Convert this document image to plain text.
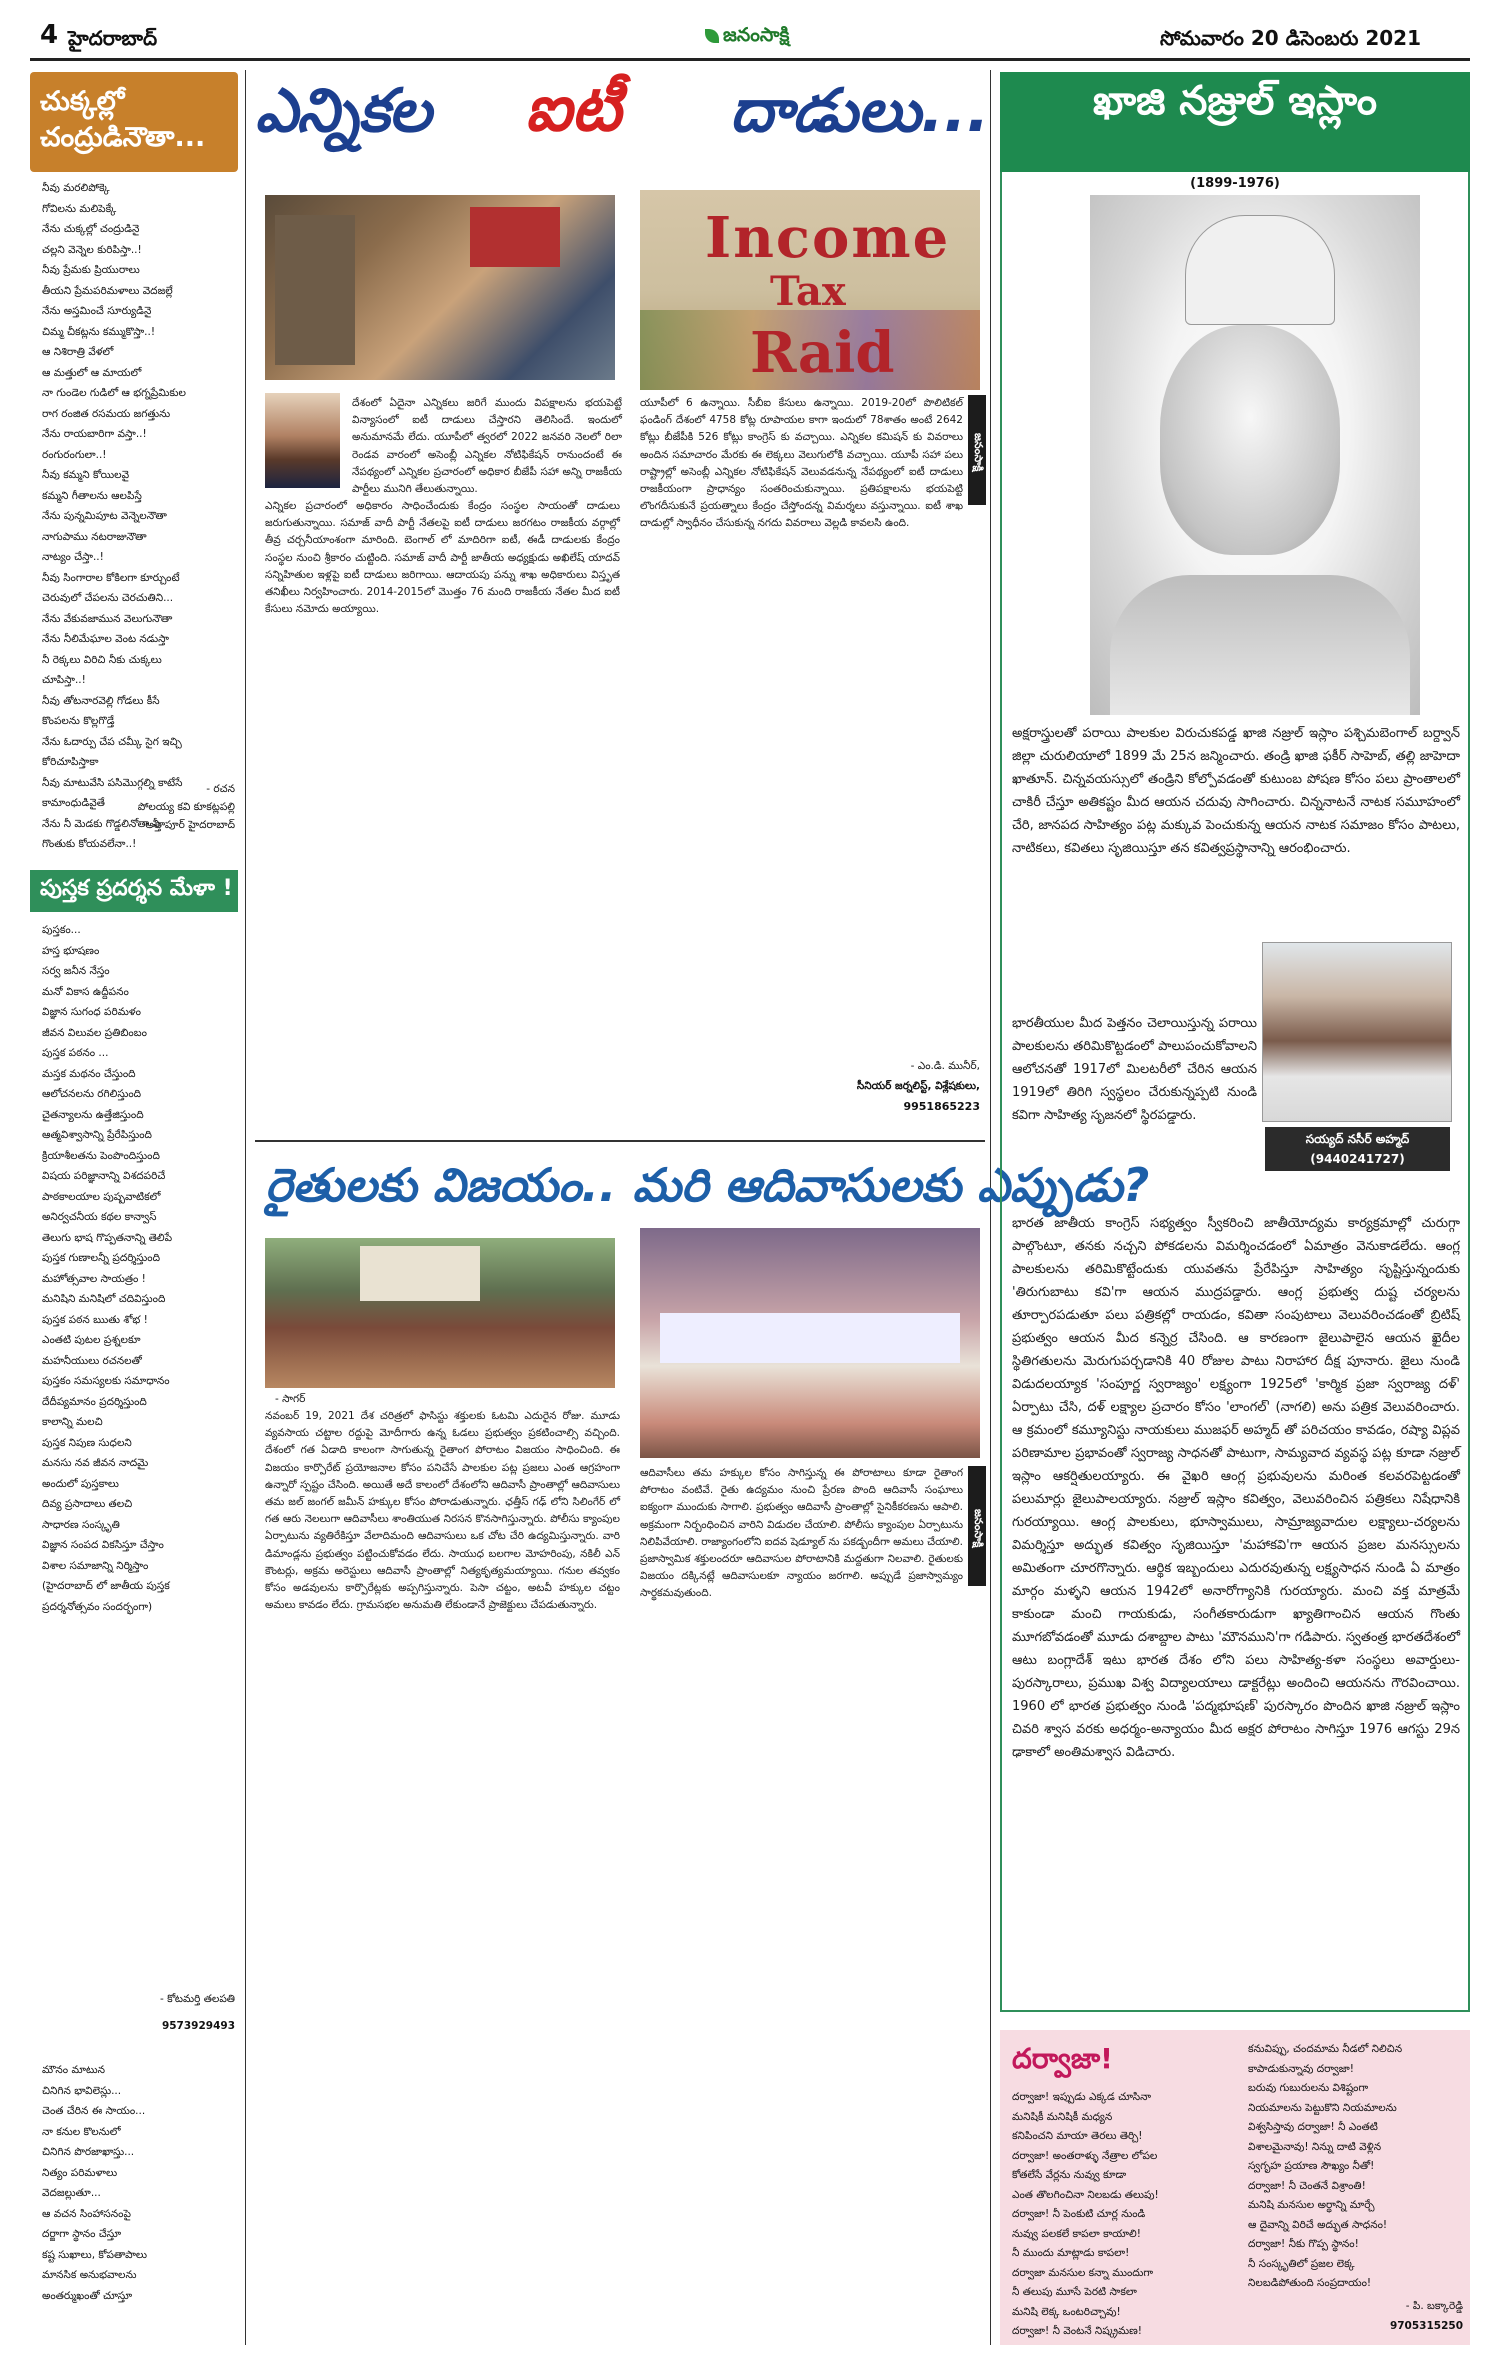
4 హైదరాబాద్	జనంసాక్షి	సోమవారం 20 డిసెంబరు 2021
చుక్కల్లో చంద్రుడినౌతా...
నీవు మరలిపోక్కె
గోవిలను మలిపెక్కే
నేను చుక్కల్లో చంద్రుడినై
చల్లని వెన్నెల కురిపిస్తా..!
నీవు ప్రేమకు ప్రియురాలు
తీయని ప్రేమపరిమళాలు వెదజల్లే
నేను అస్తమించే సూర్యుడినై
చిమ్మ చీకట్లను కమ్ముకొస్తా..!
ఆ నిశిరాత్రి వేళలో
ఆ మత్తులో ఆ మాయలో
నా గుండెల గుడిలో ఆ భగ్నప్రేమికుల
రాగ రంజిత రసమయ జగత్తును
నేను రాయబారిగా వస్తా..!
రంగురంగులా..!
నీవు కమ్మని కోయిలవై
కమ్మని గీతాలను ఆలపిస్తే
నేను పున్నమిపూట వెన్నెలనౌతా
నాగుపాము నటరాజునౌతా
నాట్యం చేస్తా..!
నీవు సింగారాల కోకిలగా కూర్చుంటే
చెరువులో చేపలను చెరచుతిని...
నేను వేకువజామున వెలుగునౌతా
నేను నీలిమేఘాల వెంట నడుస్తా
నీ రెక్కలు విరిచి నీకు చుక్కలు
చూపిస్తా..!
నీవు తోటనారవెల్లి గోడలు కీసే
కొంపలను కొల్లగొడ్తే
నేను ఓదార్పు చేప చమ్కీ సైగ ఇచ్చి
కోరిచూపిస్తాకా
నీవు మాటువేసి పసిమొగ్గల్ని కాటేసే
కామాంధుడివైతే
నేను నీ మెడకు గొడ్డలినోతా నీ
గొంతుకు కోయవలేనా..!
- రచన
పోలయ్య కవి కూకట్లపల్లి
అత్తాపూర్ హైదరాబాద్
పుస్తక ప్రదర్శన మేళా !
పుస్తకం...
హస్త భూషణం
సర్వ జనీన నేస్తం
మనో వికాస ఉద్దీపనం
విజ్ఞాన సుగంధ పరిమళం
జీవన విలువల ప్రతిబింబం
పుస్తక పఠనం ...
మస్తక మథనం చేస్తుంది
ఆలోచనలను రగిలిస్తుంది
చైతన్యాలను ఉత్తేజిస్తుంది
ఆత్మవిశ్వాసాన్ని ప్రేరేపిస్తుంది
క్రియాశీలతను పెంపొందిస్తుంది
విషయ పరిజ్ఞానాన్ని విశదపరిచే
పాఠకాలయాల పుష్పవాటికలో
అనిర్వచనీయ కథల కాన్వాస్
తెలుగు భాష గొప్పతనాన్ని తెలిపే
పుస్తక గుణాలన్నీ ప్రదర్శిస్తుంది
మహోత్సవాల సాయత్రం !
మనిషిని మనిషిలో చదివిస్తుంది
పుస్తక పఠన ఋతు శోభ !
ఎంతటి పుటల ప్రశ్నలకూ
మహనీయులు రచనలతో
పుస్తకం సమస్యలకు సమాధానం
దేదీప్యమానం ప్రదర్శిస్తుంది
కాలాన్ని మలచి
పుస్తక నిపుణ సుధలని
మనసు నవ జీవన నాదమై
అందులో పుస్తకాలు
దివ్య ప్రసాదాలు తలచి
సాధారణ సంస్కృతి
విజ్ఞాన సంపద వికసిస్తూ చేస్తాం
విశాల సమాజాన్ని నిర్మిస్తాం
(హైదరాబాద్ లో జాతీయ పుస్తక
ప్రదర్శనోత్సవం సందర్భంగా)
- కోటమర్తి తలపతి
9573929493
మౌనం మాటున
చినిగిన భావిలెస్లు...
చెంత చేరిన ఈ సాయం...
నా కనుల కొలనులో
చినిగిన పొరజాఖాస్తు...
నిత్యం పరిమళాలు
వెదజల్లుతూ...
ఆ వచన సింహాసనంపై
దర్జాగా స్థానం చేస్తూ
కష్ట సుఖాలు, కోపతాపాలు
మానసిక అనుభవాలను
అంతర్ముఖంతో చూస్తూ
ఎన్నికల ఐటీ దాడులు...
Income
Tax
Raid
దేశంలో ఏదైనా ఎన్నికలు జరిగే ముందు విపక్షాలను భయపెట్టే విన్యాసంలో ఐటీ దాడులు చేస్తారని తెలిసిందే. ఇందులో అనుమానమే లేదు. యూపీలో త్వరలో 2022 జనవరి నెలలో రిలా రెండవ వారంలో అసెంబ్లీ ఎన్నికల నోటిఫికేషన్ రానుందంటే ఈ నేపథ్యంలో ఎన్నికల ప్రచారంలో అధికార బీజేపీ సహా అన్ని రాజకీయ పార్టీలు మునిగి తేలుతున్నాయి.
ఎన్నికల ప్రచారంలో అధికారం సాధించేందుకు కేంద్రం సంస్థల సాయంతో దాడులు జరుగుతున్నాయి. సమాజ్ వాదీ పార్టీ నేతలపై ఐటీ దాడులు జరగటం రాజకీయ వర్గాల్లో తీవ్ర చర్చనీయాంశంగా మారింది. బెంగాల్ లో మాదిరిగా ఐటీ, ఈడీ దాడులకు కేంద్రం సంస్థల నుంచి శ్రీకారం చుట్టింది. సమాజ్ వాదీ పార్టీ జాతీయ అధ్యక్షుడు అఖిలేష్ యాదవ్ సన్నిహితుల ఇళ్లపై ఐటీ దాడులు జరిగాయి. ఆదాయపు పన్ను శాఖ అధికారులు విస్తృత తనిఖీలు నిర్వహించారు. 2014-2015లో మొత్తం 76 మంది రాజకీయ నేతల మీద ఐటీ కేసులు నమోదు అయ్యాయి.
యూపీలో 6 ఉన్నాయి. సీబీఐ కేసులు ఉన్నాయి. 2019-20లో పొలిటికల్ ఫండింగ్ దేశంలో 4758 కోట్ల రూపాయల కాగా ఇందులో 78శాతం అంటే 2642 కోట్లు బీజేపీకి 526 కోట్లు కాంగ్రెస్ కు వచ్చాయి. ఎన్నికల కమిషన్ కు వివరాలు అందిన సమాచారం మేరకు ఈ లెక్కలు వెలుగులోకి వచ్చాయి. యూపీ సహా పలు రాష్ట్రాల్లో అసెంబ్లీ ఎన్నికల నోటిఫికేషన్ వెలువడనున్న నేపథ్యంలో ఐటీ దాడులు రాజకీయంగా ప్రాధాన్యం సంతరించుకున్నాయి. ప్రతిపక్షాలను భయపెట్టి లొంగదీసుకునే ప్రయత్నాలు కేంద్రం చేస్తోందన్న విమర్శలు వస్తున్నాయి. ఐటీ శాఖ దాడుల్లో స్వాధీనం చేసుకున్న నగదు వివరాలు వెల్లడి కావలసి ఉంది.
జనంసాక్షి
- ఎం.డి. మునీర్,
సీనియర్ జర్నలిస్ట్, విశ్లేషకులు,
9951865223
రైతులకు విజయం.. మరి ఆదివాసులకు ఎప్పుడు?
- సాగర్
నవంబర్ 19, 2021 దేశ చరిత్రలో ఫాసిస్టు శక్తులకు ఓటమి ఎదురైన రోజు. మూడు వ్యవసాయ చట్టాల రద్దుపై మోదీగారు ఉన్న ఓడలు ప్రభుత్వం ప్రకటించాల్సి వచ్చింది. దేశంలో గత ఏడాది కాలంగా సాగుతున్న రైతాంగ పోరాటం విజయం సాధించింది. ఈ విజయం కార్పొరేట్ ప్రయోజనాల కోసం పనిచేసే పాలకుల పట్ల ప్రజలు ఎంత ఆగ్రహంగా ఉన్నారో స్పష్టం చేసింది. అయితే అదే కాలంలో దేశంలోని ఆదివాసీ ప్రాంతాల్లో ఆదివాసులు తమ జల్ జంగల్ జమీన్ హక్కుల కోసం పోరాడుతున్నారు. ఛత్తీస్ గఢ్ లోని సిలింగేర్ లో గత ఆరు నెలలుగా ఆదివాసీలు శాంతియుత నిరసన కొనసాగిస్తున్నారు. పోలీసు క్యాంపుల ఏర్పాటును వ్యతిరేకిస్తూ వేలాదిమంది ఆదివాసులు ఒక చోట చేరి ఉద్యమిస్తున్నారు. వారి డిమాండ్లను ప్రభుత్వం పట్టించుకోవడం లేదు. సాయుధ బలగాల మోహరింపు, నకిలీ ఎన్ కౌంటర్లు, అక్రమ అరెస్టులు ఆదివాసీ ప్రాంతాల్లో నిత్యకృత్యమయ్యాయి. గనుల తవ్వకం కోసం అడవులను కార్పొరేట్లకు అప్పగిస్తున్నారు. పెసా చట్టం, అటవీ హక్కుల చట్టం అమలు కావడం లేదు. గ్రామసభల అనుమతి లేకుండానే ప్రాజెక్టులు చేపడుతున్నారు.
ఆదివాసీలు తమ హక్కుల కోసం సాగిస్తున్న ఈ పోరాటాలు కూడా రైతాంగ పోరాటం వంటివే. రైతు ఉద్యమం నుంచి ప్రేరణ పొంది ఆదివాసీ సంఘాలు ఐక్యంగా ముందుకు సాగాలి. ప్రభుత్వం ఆదివాసీ ప్రాంతాల్లో సైనికీకరణను ఆపాలి. అక్రమంగా నిర్బంధించిన వారిని విడుదల చేయాలి. పోలీసు క్యాంపుల ఏర్పాటును నిలిపివేయాలి. రాజ్యాంగంలోని ఐదవ షెడ్యూల్ ను పకడ్బందీగా అమలు చేయాలి. ప్రజాస్వామిక శక్తులందరూ ఆదివాసుల పోరాటానికి మద్దతుగా నిలవాలి. రైతులకు విజయం దక్కినట్లే ఆదివాసులకూ న్యాయం జరగాలి. అప్పుడే ప్రజాస్వామ్యం సార్థకమవుతుంది.
జనంసాక్షి
ఖాజి నజ్రుల్ ఇస్లాం
(1899-1976)
అక్షరాస్త్రులతో పరాయి పాలకుల విరుచుకపడ్డ ఖాజి నజ్రుల్ ఇస్లాం పశ్చిమబెంగాల్ బర్ద్వాన్ జిల్లా చురులియాలో 1899 మే 25న జన్మించారు. తండ్రి ఖాజి ఫకీర్ సాహెబ్, తల్లి జాహెదా ఖాతూన్. చిన్నవయస్సులో తండ్రిని కోల్పోవడంతో కుటుంబ పోషణ కోసం పలు ప్రాంతాలలో చాకిరీ చేస్తూ అతికష్టం మీద ఆయన చదువు సాగించారు. చిన్ననాటనే నాటక సమూహంలో చేరి, జానపద సాహిత్యం పట్ల మక్కువ పెంచుకున్న ఆయన నాటక సమాజం కోసం పాటలు, నాటికలు, కవితలు సృజియిస్తూ తన కవిత్వప్రస్థానాన్ని ఆరంభించారు.
భారతీయుల మీద పెత్తనం చెలాయిస్తున్న పరాయి పాలకులను తరిమికొట్టడంలో పాలుపంచుకోవాలని ఆలోచనతో 1917లో మిలటరీలో చేరిన ఆయన 1919లో తిరిగి స్వస్థలం చేరుకున్నప్పటి నుండి కవిగా సాహిత్య సృజనలో స్థిరపడ్డారు.
సయ్యద్ నసీర్ అహ్మద్
(9440241727)
భారత జాతీయ కాంగ్రెస్ సభ్యత్వం స్వీకరించి జాతీయోద్యమ కార్యక్రమాల్లో చురుగ్గా పాల్గొంటూ, తనకు నచ్చని పోకడలను విమర్శించడంలో ఏమాత్రం వెనుకాడలేదు. ఆంగ్ల పాలకులను తరిమికొట్టేందుకు యువతను ప్రేరేపిస్తూ సాహిత్యం సృష్టిస్తున్నందుకు 'తిరుగుబాటు కవి'గా ఆయన ముద్రపడ్డారు. ఆంగ్ల ప్రభుత్వ దుష్ట చర్యలను తూర్పారపడుతూ పలు పత్రికల్లో రాయడం, కవితా సంపుటాలు వెలువరించడంతో బ్రిటిష్ ప్రభుత్వం ఆయన మీద కన్నెర్ర చేసింది. ఆ కారణంగా జైలుపాలైన ఆయన ఖైదీల స్థితిగతులను మెరుగుపర్చడానికి 40 రోజుల పాటు నిరాహార దీక్ష పూనారు. జైలు నుండి విడుదలయ్యాక 'సంపూర్ణ స్వరాజ్యం' లక్ష్యంగా 1925లో 'కార్మిక ప్రజా స్వరాజ్య దళ్' ఏర్పాటు చేసి, దళ్ లక్ష్యాల ప్రచారం కోసం 'లాంగల్' (నాగలి) అను పత్రిక వెలువరించారు. ఆ క్రమంలో కమ్యూనిస్టు నాయకులు ముజఫర్ అహ్మద్ తో పరిచయం కావడం, రష్యా విప్లవ పరిణామాల ప్రభావంతో స్వరాజ్య సాధనతో పాటుగా, సామ్యవాద వ్యవస్థ పట్ల కూడా నజ్రుల్ ఇస్లాం ఆకర్షితులయ్యారు. ఈ వైఖరి ఆంగ్ల ప్రభువులను మరింత కలవరపెట్టడంతో పలుమార్లు జైలుపాలయ్యారు. నజ్రుల్ ఇస్లాం కవిత్వం, వెలువరించిన పత్రికలు నిషేధానికి గురయ్యాయి. ఆంగ్ల పాలకులు, భూస్వాములు, సామ్రాజ్యవాదుల లక్ష్యాలు-చర్యలను విమర్శిస్తూ అద్భుత కవిత్వం సృజియిస్తూ 'మహాకవి'గా ఆయన ప్రజల మనస్సులను అమితంగా చూరగొన్నారు. ఆర్థిక ఇబ్బందులు ఎదురవుతున్న లక్ష్యసాధన నుండి ఏ మాత్రం మార్గం మళ్ళని ఆయన 1942లో అనారోగ్యానికి గురయ్యారు. మంచి వక్త మాత్రమే కాకుండా మంచి గాయకుడు, సంగీతకారుడుగా ఖ్యాతిగాంచిన ఆయన గొంతు మూగబోవడంతో మూడు దశాబ్దాల పాటు 'మౌనముని'గా గడిపారు. స్వతంత్ర భారతదేశంలో ఆటు బంగ్లాదేశ్ ఇటు భారత దేశం లోని పలు సాహిత్య-కళా సంస్థలు అవార్డులు-పురస్కారాలు, ప్రముఖ విశ్వ విద్యాలయాలు డాక్టరేట్లు అందించి ఆయనను గౌరవించాయి. 1960 లో భారత ప్రభుత్వం నుండి 'పద్మభూషణ్' పురస్కారం పొందిన ఖాజి నజ్రుల్ ఇస్లాం చివరి శ్వాస వరకు అధర్మం-అన్యాయం మీద అక్షర పోరాటం సాగిస్తూ 1976 ఆగస్టు 29న ఢాకాలో అంతిమశ్వాస విడిచారు.
దర్వాజా!
దర్వాజా! ఇప్పుడు ఎక్కడ చూసినా
మనిషికీ మనిషికీ మధ్యన
కనిపించని మాయా తెరలు తెర్చి!
దర్వాజా! అంతరాళ్ళు నేత్రాల లోపల
కోతలేసే వేర్లను నువ్వు కూడా
ఎంత తొలగించినా నిలబడు తలుపు!
దర్వాజా! నీ పెంకుటి చూర్ల నుండి
నువ్వు పలకలే కాపలా కాయాలి!
నీ ముందు మాట్లాడు కాపలా!
దర్వాజా మనసుల కన్నా ముందుగా
నీ తలుపు మూసే పెరటి సాకలా
మనిషి లెక్క ఒంటరిచ్చావు!
దర్వాజా! నీ వెంటనే నిష్క్రమణ!
కనువిప్పు, చందమామ నీడలో నిలిచిన
కాపాడుకున్నావు దర్వాజా!
బరువు గుబురులను విశిష్టంగా
నియమాలను పెట్టుకొని నియమాలను
విశ్వసిస్తావు దర్వాజా! నీ ఎంతటి
విశాలమైనావు! నిన్ను దాటి వెళ్లిన
స్వగృహ ప్రయాణ సౌఖ్యం నీతో!
దర్వాజా! నీ చెంతనే విశ్రాంతి!
మనిషి మనసుల అర్థాన్ని మార్చే
ఆ దైవాన్ని విరిచే అద్భుత సాధనం!
దర్వాజా! నీకు గొప్ప స్థానం!
నీ సంస్కృతిలో ప్రజల లెక్క
నిలబడిపోతుంది సంప్రదాయం!
- పి. బక్కారెడ్డి
9705315250
